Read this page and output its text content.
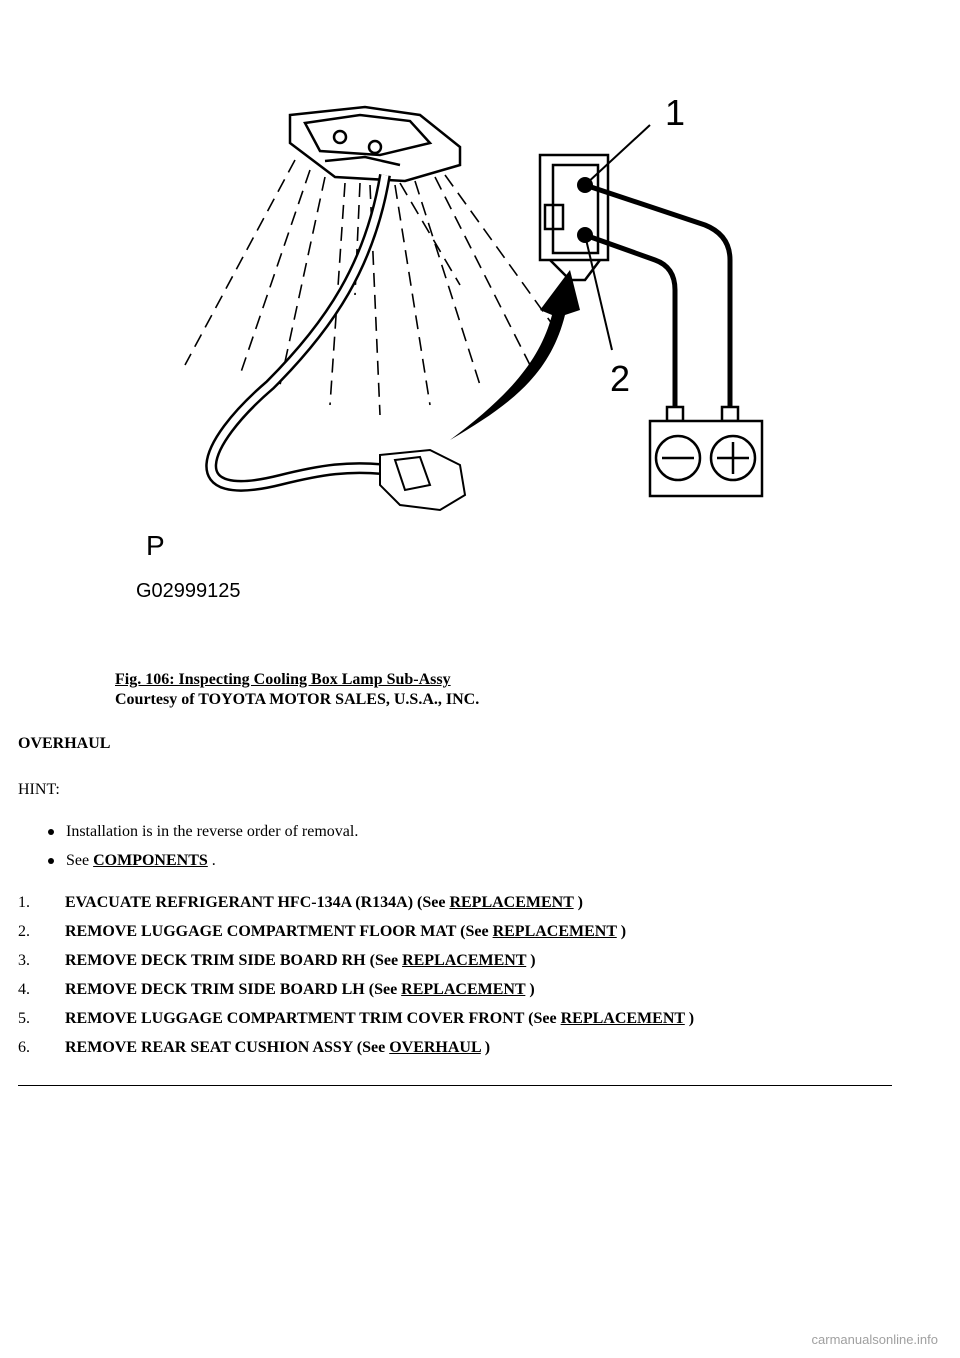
1
2
P
G02999125
Fig. 106: Inspecting Cooling Box Lamp Sub-Assy
Courtesy of TOYOTA MOTOR SALES, U.S.A., INC.
OVERHAUL
HINT:
Installation is in the reverse order of removal.
See COMPONENTS .
1. EVACUATE REFRIGERANT HFC-134A (R134A) (See REPLACEMENT )
2. REMOVE LUGGAGE COMPARTMENT FLOOR MAT (See REPLACEMENT )
3. REMOVE DECK TRIM SIDE BOARD RH (See REPLACEMENT )
4. REMOVE DECK TRIM SIDE BOARD LH (See REPLACEMENT )
5. REMOVE LUGGAGE COMPARTMENT TRIM COVER FRONT (See REPLACEMENT )
6. REMOVE REAR SEAT CUSHION ASSY (See OVERHAUL )
carmanualsonline.info
